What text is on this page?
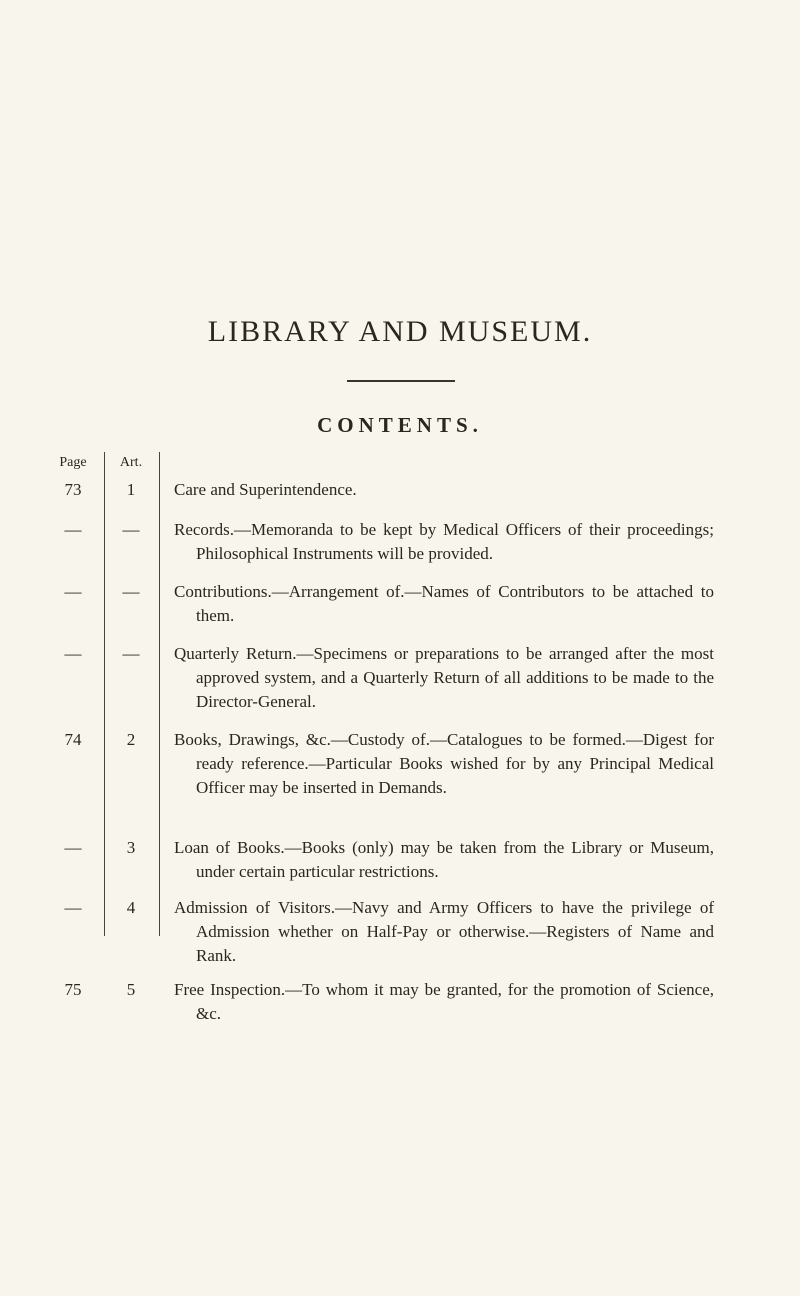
LIBRARY AND MUSEUM.
CONTENTS.
Page	Art.
73	1	Care and Superintendence.
—	—	Records.—Memoranda to be kept by Medical Officers of their proceedings; Philosophical Instruments will be provided.
—	—	Contributions.—Arrangement of.—Names of Contributors to be attached to them.
—	—	Quarterly Return.—Specimens or preparations to be arranged after the most approved system, and a Quarterly Return of all additions to be made to the Director-General.
74	2	Books, Drawings, &c.—Custody of.—Catalogues to be formed.—Digest for ready reference.—Particular Books wished for by any Principal Medical Officer may be inserted in Demands.
—	3	Loan of Books.—Books (only) may be taken from the Library or Museum, under certain particular restrictions.
—	4	Admission of Visitors.—Navy and Army Officers to have the privilege of Admission whether on Half-Pay or otherwise.—Registers of Name and Rank.
75	5	Free Inspection.—To whom it may be granted, for the promotion of Science, &c.
